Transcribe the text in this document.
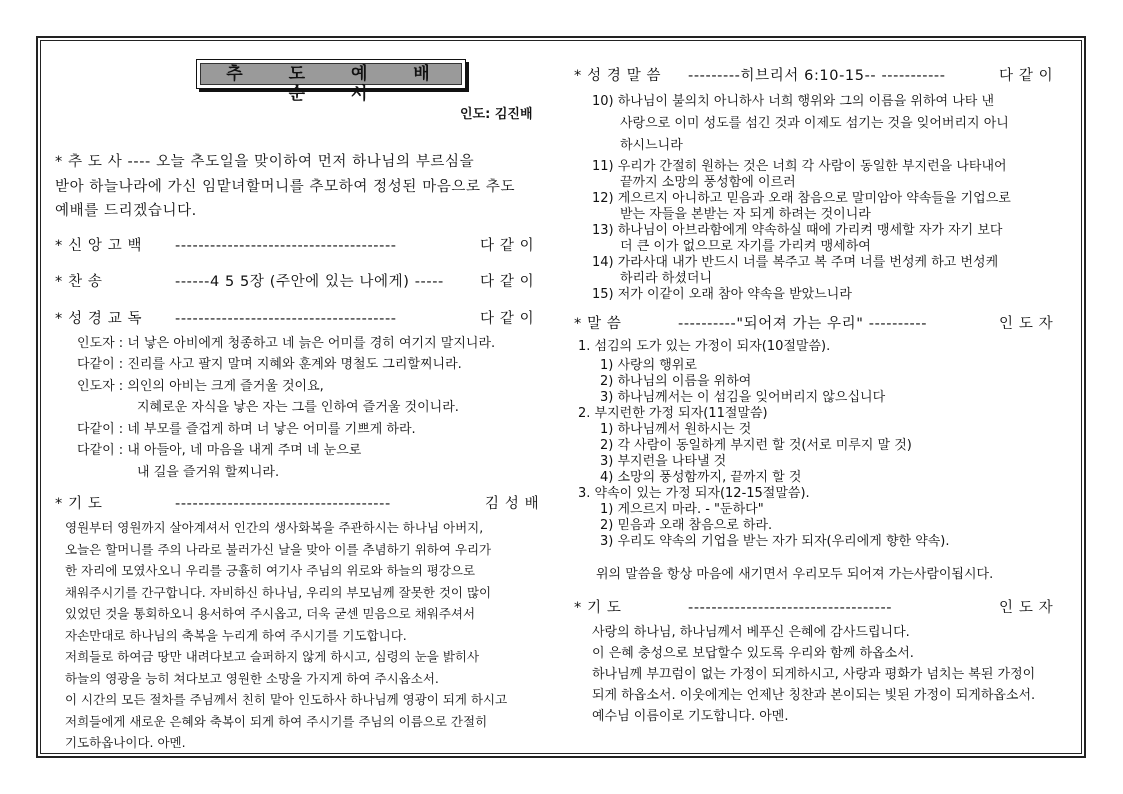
추 도 예 배 순 서
인도: 김진배
* 추 도 사 ---- 오늘 추도일을 맞이하여 먼저 하나님의 부르심을
받아 하늘나라에 가신 임맡녀할머니를 추모하여 정성된 마음으로 추도
예배를 드리겠습니다.
* 신 앙 고 백 --------------------------------------	다 같 이
* 찬 송	------4 5 5장 (주안에 있는 나에게) ----- 다 같 이
* 성 경 교 독 --------------------------------------	다 같 이
인도자 : 너 낳은 아비에게 청종하고 네 늙은 어미를 경히 여기지 말지니라.
다같이 : 진리를 사고 팔지 말며 지혜와 훈계와 명철도 그리할찌니라.
인도자 : 의인의 아비는 크게 즐거울 것이요,
지혜로운 자식을 낳은 자는 그를 인하여 즐거울 것이니라.
다같이 : 네 부모를 즐겁게 하며 너 낳은 어미를 기쁘게 하라.
다같이 : 내 아들아, 네 마음을 내게 주며 네 눈으로
내 길을 즐거워 할찌니라.
* 기 도	-------------------------------------	김 성 배
영원부터 영원까지 살아계셔서 인간의 생사화복을 주관하시는 하나님 아버지,
오늘은 할머니를 주의 나라로 불러가신 날을 맞아 이를 추념하기 위하여 우리가
한 자리에 모였사오니 우리를 긍휼히 여기사 주님의 위로와 하늘의 평강으로
채워주시기를 간구합니다. 자비하신 하나님, 우리의 부모님께 잘못한 것이 많이
있었던 것을 통회하오니 용서하여 주시옵고, 더욱 굳센 믿음으로 채워주셔서
자손만대로 하나님의 축복을 누리게 하여 주시기를 기도합니다.
저희들로 하여금 땅만 내려다보고 슬퍼하지 않게 하시고, 심령의 눈을 밝히사
하늘의 영광을 능히 쳐다보고 영원한 소망을 가지게 하여 주시옵소서.
이 시간의 모든 절차를 주님께서 친히 맡아 인도하사 하나님께 영광이 되게 하시고
저희들에게 새로운 은혜와 축복이 되게 하여 주시기를 주님의 이름으로 간절히
기도하옵나이다. 아멘.
* 성 경 말 씀 ---------히브리서 6:10-15-- -----------	다 같 이
10) 하나님이 불의치 아니하사 너희 행위와 그의 이름을 위하여 나타 낸
사랑으로 이미 성도를 섬긴 것과 이제도 섬기는 것을 잊어버리지 아니
하시느니라
11) 우리가 간절히 원하는 것은 너희 각 사람이 동일한 부지런을 나타내어
끝까지 소망의 풍성함에 이르러
12) 게으르지 아니하고 믿음과 오래 참음으로 말미암아 약속들을 기업으로
받는 자들을 본받는 자 되게 하려는 것이니라
13) 하나님이 아브라함에게 약속하실 때에 가리켜 맹세할 자가 자기 보다
더 큰 이가 없으므로 자기를 가리켜 맹세하여
14) 가라사대 내가 반드시 너를 복주고 복 주며 너를 번성케 하고 번성케
하리라 하셨더니
15) 저가 이같이 오래 참아 약속을 받았느니라
* 말 씀	----------"되어져 가는 우리" ----------	인 도 자
1. 섬김의 도가 있는 가정이 되자(10절말씀).
1) 사랑의 행위로
2) 하나님의 이름을 위하여
3) 하나님께서는 이 섬김을 잊어버리지 않으십니다
2. 부지런한 가정 되자(11절말씀)
1) 하나님께서 원하시는 것
2) 각 사람이 동일하게 부지런 할 것(서로 미루지 말 것)
3) 부지런을 나타낼 것
4) 소망의 풍성함까지, 끝까지 할 것
3. 약속이 있는 가정 되자(12-15절말씀).
1) 게으르지 마라. - "둔하다"
2) 믿음과 오래 참음으로 하라.
3) 우리도 약속의 기업을 받는 자가 되자(우리에게 향한 약속).
위의 말씀을 항상 마음에 새기면서 우리모두 되어져 가는사람이됩시다.
* 기 도	-----------------------------------	인 도 자
사랑의 하나님, 하나님께서 베푸신 은혜에 감사드립니다.
이 은혜 충성으로 보답할수 있도록 우리와 함께 하옵소서.
하나님께 부끄럼이 없는 가정이 되게하시고, 사랑과 평화가 넘치는 복된 가정이
되게 하옵소서. 이웃에게는 언제난 칭찬과 본이되는 빛된 가정이 되게하옵소서.
예수님 이름이로 기도합니다. 아멘.
